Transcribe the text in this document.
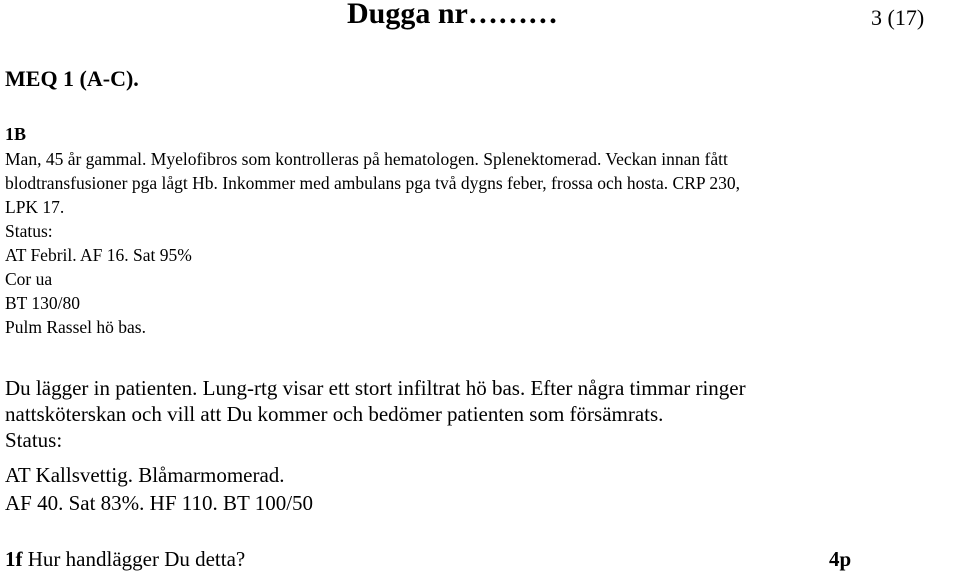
Dugga nr………	3 (17)
MEQ 1 (A-C).
1B
Man, 45 år gammal. Myelofibros som kontrolleras på hematologen. Splenektomerad. Veckan innan fått
blodtransfusioner pga lågt Hb. Inkommer med ambulans pga två dygns feber, frossa och hosta. CRP 230,
LPK 17.
Status:
AT Febril. AF 16. Sat 95%
Cor ua
BT 130/80
Pulm Rassel hö bas.
Du lägger in patienten. Lung-rtg visar ett stort infiltrat hö bas. Efter några timmar ringer
nattsköterskan och vill att Du kommer och bedömer patienten som försämrats.
Status:
AT Kallsvettig. Blåmarmomerad.
AF 40. Sat 83%. HF 110. BT 100/50
1f Hur handlägger Du detta?	4p
